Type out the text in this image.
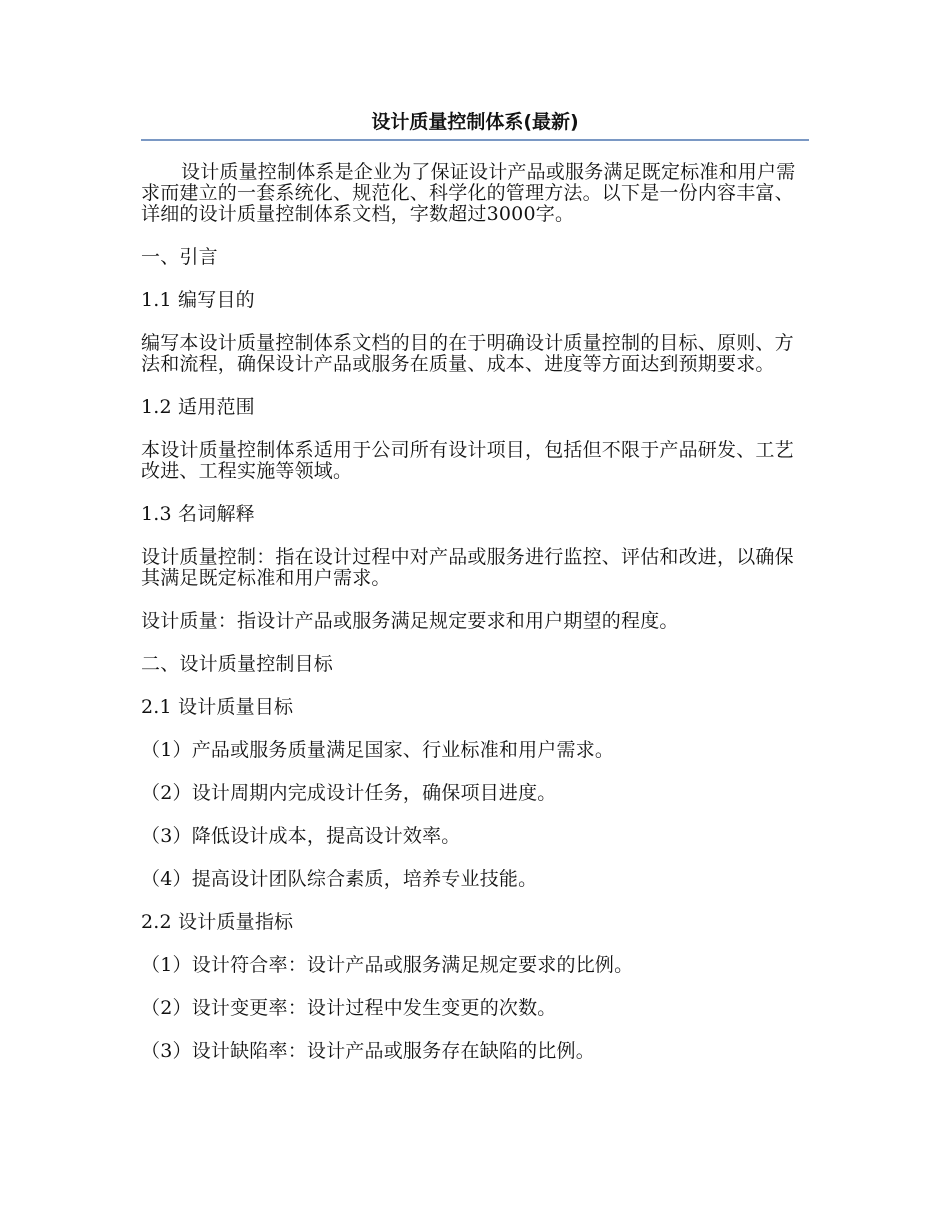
设计质量控制体系(最新)

设计质量控制体系是企业为了保证设计产品或服务满足既定标准和用户需求而建立的一套系统化、规范化、科学化的管理方法。以下是一份内容丰富、详细的设计质量控制体系文档，字数超过3000字。

一、引言

1.1 编写目的

编写本设计质量控制体系文档的目的在于明确设计质量控制的目标、原则、方法和流程，确保设计产品或服务在质量、成本、进度等方面达到预期要求。

1.2 适用范围

本设计质量控制体系适用于公司所有设计项目，包括但不限于产品研发、工艺改进、工程实施等领域。

1.3 名词解释

设计质量控制：指在设计过程中对产品或服务进行监控、评估和改进，以确保其满足既定标准和用户需求。

设计质量：指设计产品或服务满足规定要求和用户期望的程度。

二、设计质量控制目标

2.1 设计质量目标

（1）产品或服务质量满足国家、行业标准和用户需求。

（2）设计周期内完成设计任务，确保项目进度。

（3）降低设计成本，提高设计效率。

（4）提高设计团队综合素质，培养专业技能。

2.2 设计质量指标

（1）设计符合率：设计产品或服务满足规定要求的比例。

（2）设计变更率：设计过程中发生变更的次数。

（3）设计缺陷率：设计产品或服务存在缺陷的比例。
